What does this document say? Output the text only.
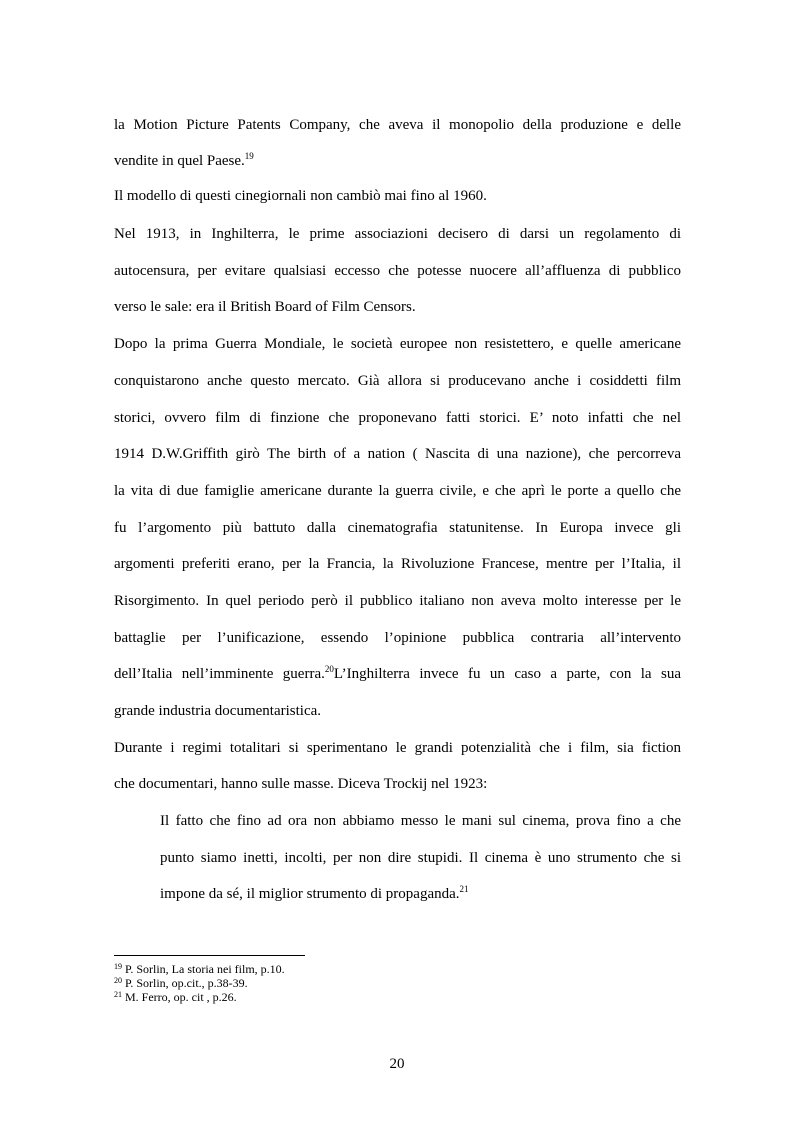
la Motion Picture Patents Company, che aveva il monopolio della produzione e delle
vendite in quel Paese.$^{19}$
Il modello di questi cinegiornali non cambiò mai fino al 1960.
Nel 1913, in Inghilterra, le prime associazioni decisero di darsi un regolamento di
autocensura, per evitare qualsiasi eccesso che potesse nuocere all’affluenza di pubblico
verso le sale: era il British Board of Film Censors.
Dopo la prima Guerra Mondiale, le società europee non resistettero, e quelle americane
conquistarono anche questo mercato. Già allora si producevano anche i cosiddetti film
storici, ovvero film di finzione che proponevano fatti storici. E’ noto infatti che nel
1914 D.W.Griffith girò The birth of a nation ( Nascita di una nazione), che percorreva
la vita di due famiglie americane durante la guerra civile, e che aprì le porte a quello che
fu l’argomento più battuto dalla cinematografia statunitense. In Europa invece gli
argomenti preferiti erano, per la Francia, la Rivoluzione Francese, mentre per l’Italia, il
Risorgimento. In quel periodo però il pubblico italiano non aveva molto interesse per le
battaglie per l’unificazione, essendo l’opinione pubblica contraria all’intervento
dell’Italia nell’imminente guerra.$^{20}$L’Inghilterra invece fu un caso a parte, con la sua
grande industria documentaristica.
Durante i regimi totalitari si sperimentano le grandi potenzialità che i film, sia fiction
che documentari, hanno sulle masse. Diceva Trockij nel 1923:
Il fatto che fino ad ora non abbiamo messo le mani sul cinema, prova fino a che
punto siamo inetti, incolti, per non dire stupidi. Il cinema è uno strumento che si
impone da sé, il miglior strumento di propaganda.$^{21}$
$^{19}$ P. Sorlin, La storia nei film, p.10.
$^{20}$ P. Sorlin, op.cit., p.38-39.
$^{21}$ M. Ferro, op. cit , p.26.
20
